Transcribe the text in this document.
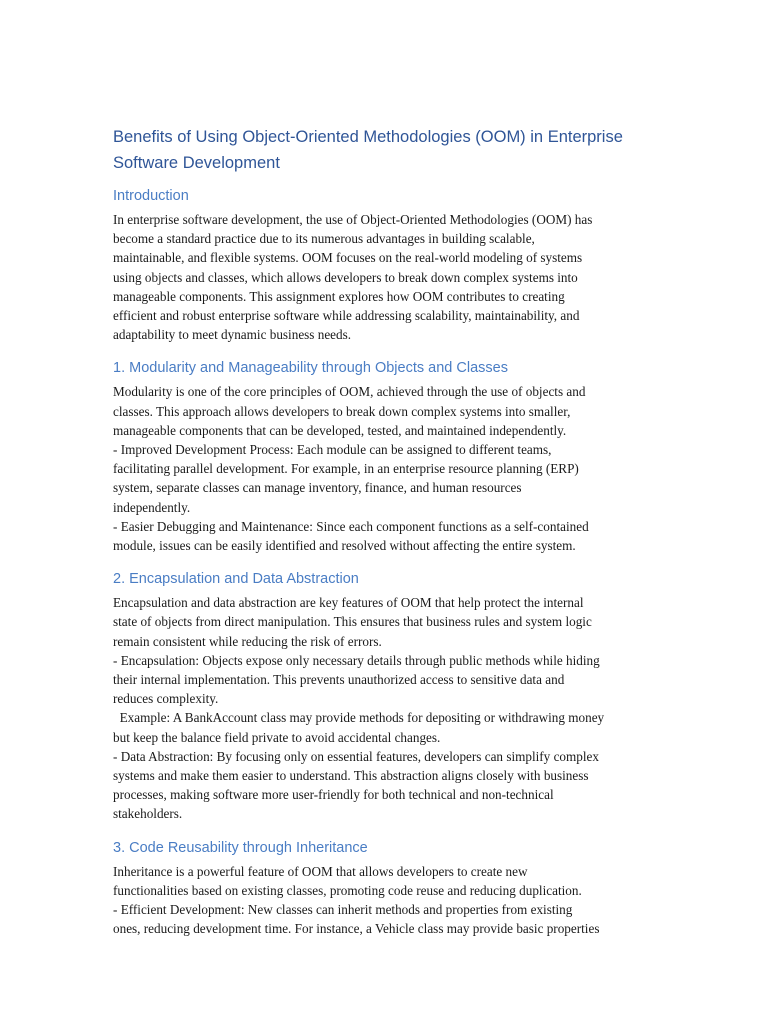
Benefits of Using Object-Oriented Methodologies (OOM) in Enterprise
Software Development
Introduction

In enterprise software development, the use of Object-Oriented Methodologies (OOM) has
become a standard practice due to its numerous advantages in building scalable,
maintainable, and flexible systems. OOM focuses on the real-world modeling of systems
using objects and classes, which allows developers to break down complex systems into
manageable components. This assignment explores how OOM contributes to creating
efficient and robust enterprise software while addressing scalability, maintainability, and
adaptability to meet dynamic business needs.

1. Modularity and Manageability through Objects and Classes

Modularity is one of the core principles of OOM, achieved through the use of objects and
classes. This approach allows developers to break down complex systems into smaller,
manageable components that can be developed, tested, and maintained independently.
- Improved Development Process: Each module can be assigned to different teams,
facilitating parallel development. For example, in an enterprise resource planning (ERP)
system, separate classes can manage inventory, finance, and human resources
independently.
- Easier Debugging and Maintenance: Since each component functions as a self-contained
module, issues can be easily identified and resolved without affecting the entire system.

2. Encapsulation and Data Abstraction

Encapsulation and data abstraction are key features of OOM that help protect the internal
state of objects from direct manipulation. This ensures that business rules and system logic
remain consistent while reducing the risk of errors.
- Encapsulation: Objects expose only necessary details through public methods while hiding
their internal implementation. This prevents unauthorized access to sensitive data and
reduces complexity.
Example: A BankAccount class may provide methods for depositing or withdrawing money
but keep the balance field private to avoid accidental changes.
- Data Abstraction: By focusing only on essential features, developers can simplify complex
systems and make them easier to understand. This abstraction aligns closely with business
processes, making software more user-friendly for both technical and non-technical
stakeholders.

3. Code Reusability through Inheritance

Inheritance is a powerful feature of OOM that allows developers to create new
functionalities based on existing classes, promoting code reuse and reducing duplication.
- Efficient Development: New classes can inherit methods and properties from existing
ones, reducing development time. For instance, a Vehicle class may provide basic properties
